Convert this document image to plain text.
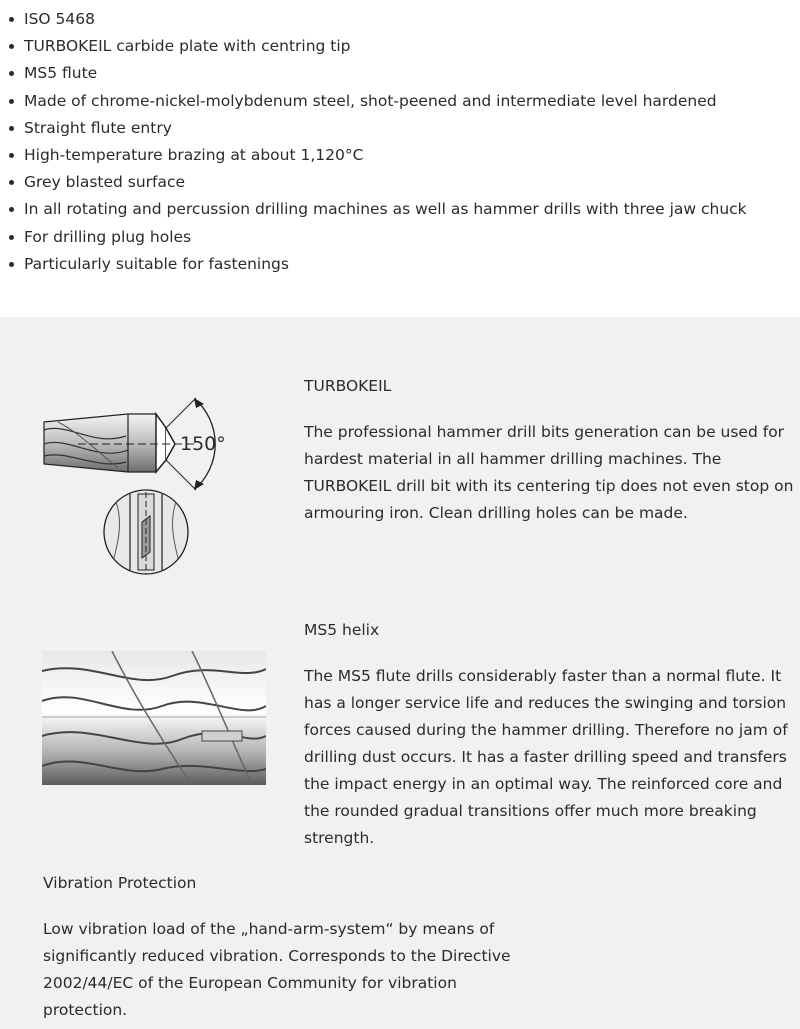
ISO 5468
TURBOKEIL carbide plate with centring tip
MS5 flute
Made of chrome-nickel-molybdenum steel, shot-peened and intermediate level hardened
Straight flute entry
High-temperature brazing at about 1,120°C
Grey blasted surface
In all rotating and percussion drilling machines as well as hammer drills with three jaw chuck
For drilling plug holes
Particularly suitable for fastenings
150°
TURBOKEIL
The professional hammer drill bits generation can be used for
hardest material in all hammer drilling machines. The
TURBOKEIL drill bit with its centering tip does not even stop on
armouring iron. Clean drilling holes can be made.
MS5 helix
The MS5 flute drills considerably faster than a normal flute. It
has a longer service life and reduces the swinging and torsion
forces caused during the hammer drilling. Therefore no jam of
drilling dust occurs. It has a faster drilling speed and transfers
the impact energy in an optimal way. The reinforced core and
the rounded gradual transitions offer much more breaking
strength.
Vibration Protection
Low vibration load of the „hand-arm-system“ by means of
significantly reduced vibration. Corresponds to the Directive
2002/44/EC of the European Community for vibration
protection.
